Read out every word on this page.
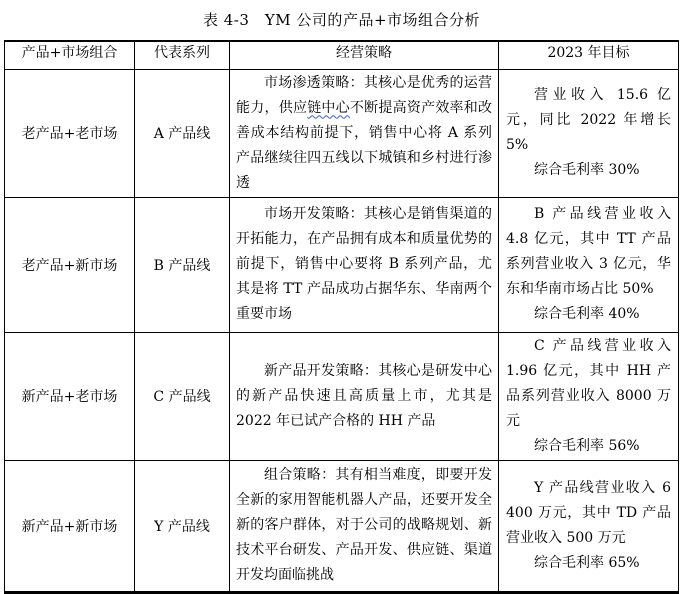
表 4-3　YM 公司的产品+市场组合分析
产品+市场组合	代表系列	经营策略	2023 年目标
老产品+老市场	A 产品线	市场渗透策略：其核心是优秀的运营能力，供应链中心不断提高资产效率和改善成本结构前提下，销售中心将 A 系列产品继续往四五线以下城镇和乡村进行渗透	营业收入 15.6 亿元，同比 2022 年增长 5%

综合毛利率 30%

老产品+新市场	B 产品线	市场开发策略：其核心是销售渠道的开拓能力，在产品拥有成本和质量优势的前提下，销售中心要将 B 系列产品，尤其是将 TT 产品成功占据华东、华南两个重要市场	B 产品线营业收入 4.8 亿元，其中 TT 产品系列营业收入 3 亿元，华东和华南市场占比 50%

综合毛利率 40%

新产品+老市场	C 产品线	新产品开发策略：其核心是研发中心的新产品快速且高质量上市，尤其是 2022 年已试产合格的 HH 产品	C 产品线营业收入 1.96 亿元，其中 HH 产品系列营业收入 8000 万元

综合毛利率 56%

新产品+新市场	Y 产品线	组合策略：其有相当难度，即要开发全新的家用智能机器人产品，还要开发全新的客户群体，对于公司的战略规划、新技术平台研发、产品开发、供应链、渠道开发均面临挑战	Y 产品线营业收入 6 400 万元，其中 TD 产品营业收入 500 万元

综合毛利率 65%
